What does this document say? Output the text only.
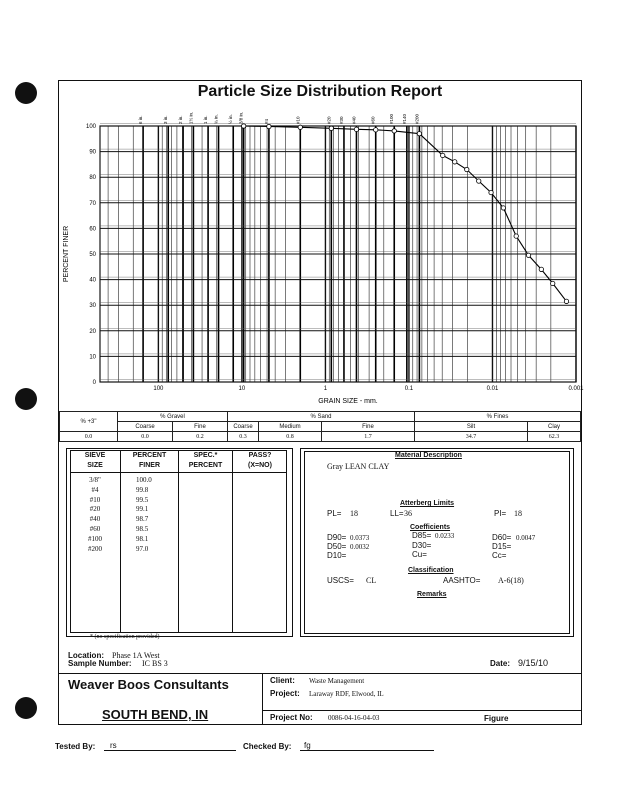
Particle Size Distribution Report
0
10
20
30
40
50
60
70
80
90
100
100	10	1	0.1	0.01	0.001
6 in.	3 in. 2 in. 1½ in. 1 in. ¾ in. ½ in. 3/8 in.	#4	#10	#20 #30 #40	#60	#100 #140 #200
PERCENT FINER
GRAIN SIZE - mm.
% +3"	% Gravel		% Sand			% Fines	
	Coarse	Fine	Coarse	Medium	Fine	Silt	Clay
0.0	0.0	0.2	0.3	0.8	1.7	34.7	62.3
SIEVE	PERCENT	SPEC.*	PASS?
SIZE	FINER	PERCENT	(X=NO)
3/8"	100.0
#4	99.8
#10	99.5
#20	99.1
#40	98.7
#60	98.5
#100	98.1
#200	97.0
* (no specification provided)
Material Description
Gray LEAN CLAY
Atterberg Limits
PL= 18	LL= 36	PI= 18
Coefficients
D90= 0.0373	D85= 0.0233	D60= 0.0047
D50= 0.0032	D30=	D15=
D10=	Cu=	Cc=
Classification
USCS= CL	AASHTO= A-6(18)
Remarks
Location: Phase 1A West
Sample Number: IC BS 3	Date: 9/15/10
Weaver Boos Consultants
SOUTH BEND, IN
Client: Waste Management
Project: Laraway RDF, Elwood, IL
Project No: 0086-04-16-04-03	Figure
Tested By: rs	Checked By: fg
